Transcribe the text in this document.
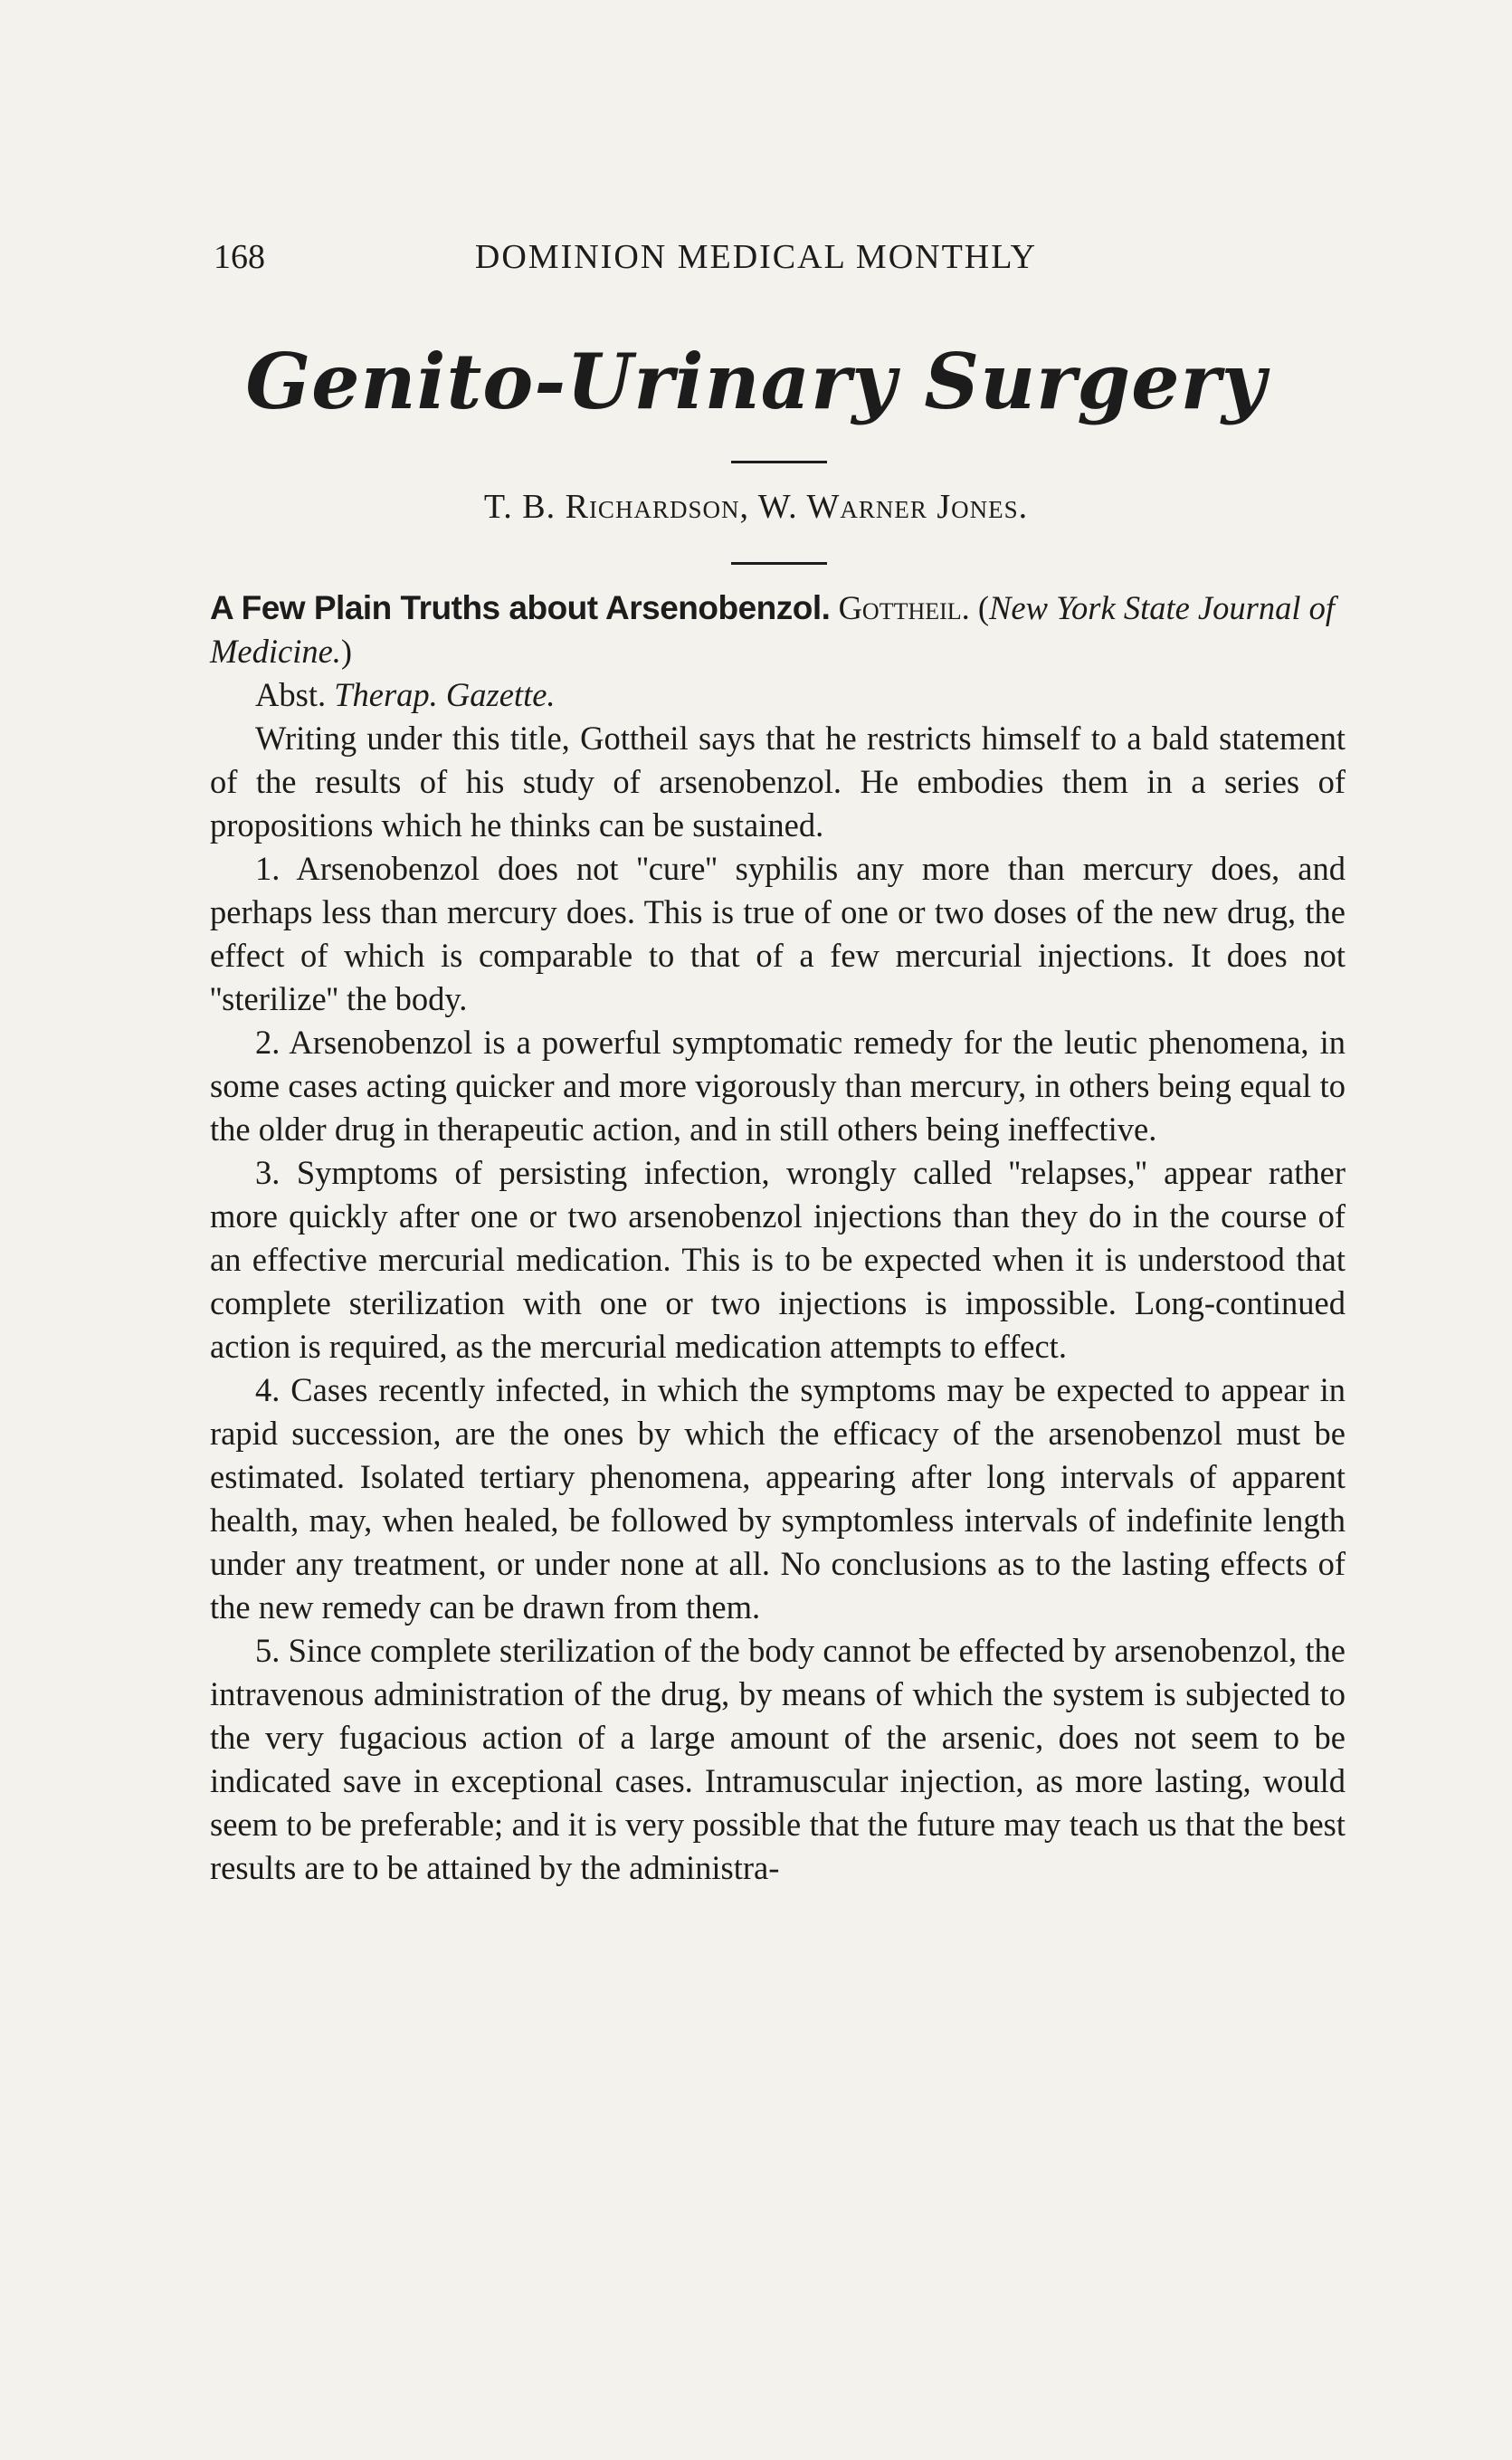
168	DOMINION MEDICAL MONTHLY
Genito-Urinary Surgery
T. B. Richardson, W. Warner Jones.

A Few Plain Truths about Arsenobenzol. Gottheil. (New York State Journal of Medicine.)

Abst. Therap. Gazette.

Writing under this title, Gottheil says that he restricts himself to a bald statement of the results of his study of arsenobenzol. He embodies them in a series of propositions which he thinks can be sustained.

1. Arsenobenzol does not ''cure'' syphilis any more than mercury does, and perhaps less than mercury does. This is true of one or two doses of the new drug, the effect of which is comparable to that of a few mercurial injections. It does not ''sterilize'' the body.

2. Arsenobenzol is a powerful symptomatic remedy for the leutic phenomena, in some cases acting quicker and more vigorously than mercury, in others being equal to the older drug in therapeutic action, and in still others being ineffective.

3. Symptoms of persisting infection, wrongly called ''relapses,'' appear rather more quickly after one or two arsenobenzol injections than they do in the course of an effective mercurial medication. This is to be expected when it is understood that complete sterilization with one or two injections is impossible. Long-continued action is required, as the mercurial medication attempts to effect.

4. Cases recently infected, in which the symptoms may be expected to appear in rapid succession, are the ones by which the efficacy of the arsenobenzol must be estimated. Isolated tertiary phenomena, appearing after long intervals of apparent health, may, when healed, be followed by symptomless intervals of indefinite length under any treatment, or under none at all. No conclusions as to the lasting effects of the new remedy can be drawn from them.

5. Since complete sterilization of the body cannot be effected by arsenobenzol, the intravenous administration of the drug, by means of which the system is subjected to the very fugacious action of a large amount of the arsenic, does not seem to be indicated save in exceptional cases. Intramuscular injection, as more lasting, would seem to be preferable; and it is very possible that the future may teach us that the best results are to be attained by the administra-
